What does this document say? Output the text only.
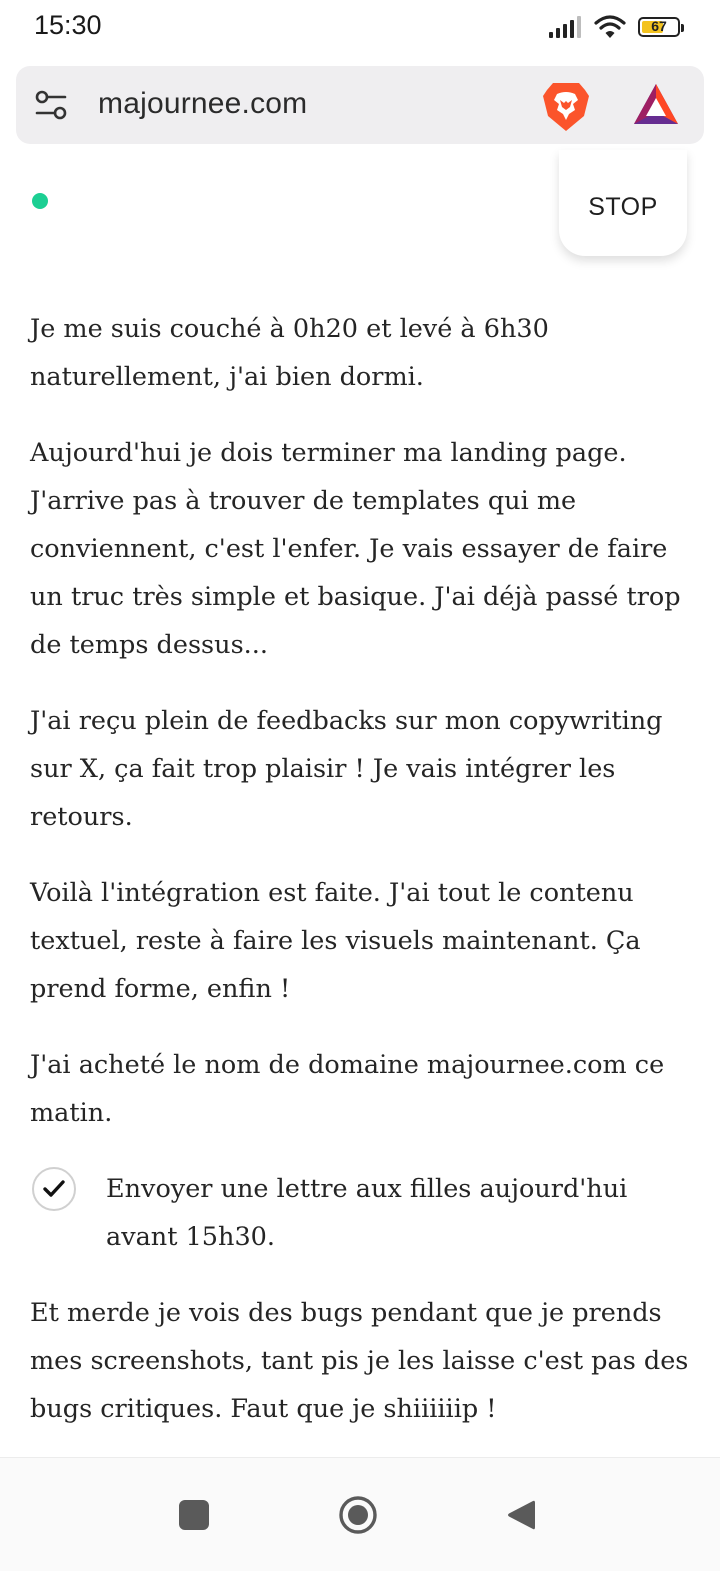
15:30	67
majournee.com
STOP

Je me suis couché à 0h20 et levé à 6h30 naturellement, j'ai bien dormi.

Aujourd'hui je dois terminer ma landing page. J'arrive pas à trouver de templates qui me conviennent, c'est l'enfer. Je vais essayer de faire un truc très simple et basique. J'ai déjà passé trop de temps dessus...

J'ai reçu plein de feedbacks sur mon copywriting sur X, ça fait trop plaisir ! Je vais intégrer les retours.

Voilà l'intégration est faite. J'ai tout le contenu textuel, reste à faire les visuels maintenant. Ça prend forme, enfin !

J'ai acheté le nom de domaine majournee.com ce matin.

Envoyer une lettre aux filles aujourd'hui avant 15h30.

Et merde je vois des bugs pendant que je prends mes screenshots, tant pis je les laisse c'est pas des bugs critiques. Faut que je shiiiiiip !
